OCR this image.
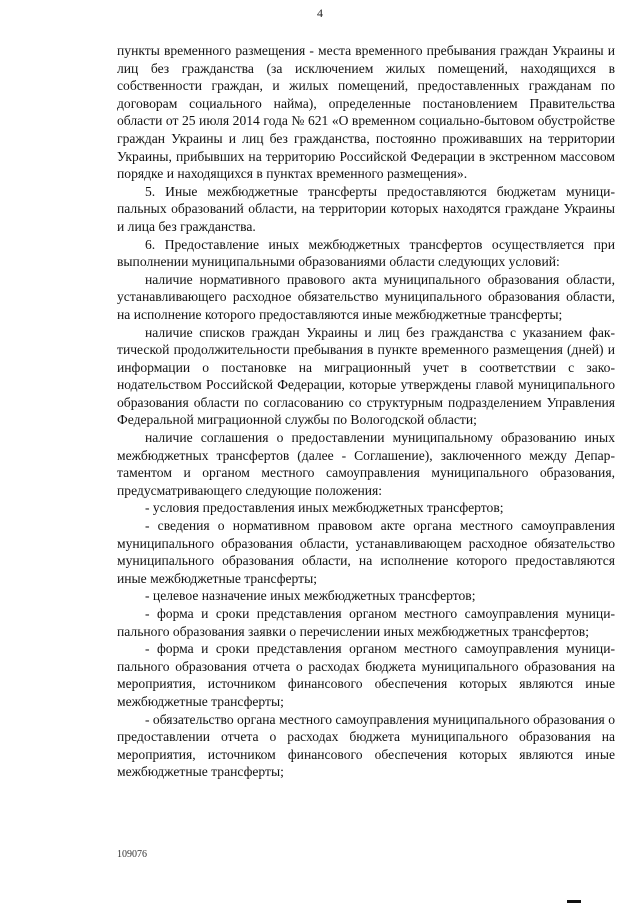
4

пункты временного размещения - места временного пребывания граждан Украины и лиц без гражданства (за исключением жилых помещений, находящихся в собственности граждан, и жилых помещений, предоставленных гражданам по договорам социального найма), определенные постановлением Правительства области от 25 июля 2014 года № 621 «О временном социально-бытовом обустройстве граждан Украины и лиц без гражданства, постоянно проживавших на территории Украины, прибывших на территорию Российской Федерации в экстренном массовом порядке и находящихся в пунктах временного размещения».

5. Иные межбюджетные трансферты предоставляются бюджетам муниципальных образований области, на территории которых находятся граждане Украины и лица без гражданства.

6. Предоставление иных межбюджетных трансфертов осуществляется при выполнении муниципальными образованиями области следующих условий:

наличие нормативного правового акта муниципального образования области, устанавливающего расходное обязательство муниципального образования области, на исполнение которого предоставляются иные межбюджетные трансферты;

наличие списков граждан Украины и лиц без гражданства с указанием фактической продолжительности пребывания в пункте временного размещения (дней) и информации о постановке на миграционный учет в соответствии с законодательством Российской Федерации, которые утверждены главой муниципального образования области по согласованию со структурным подразделением Управления Федеральной миграционной службы по Вологодской области;

наличие соглашения о предоставлении муниципальному образованию иных межбюджетных трансфертов (далее - Соглашение), заключенного между Департаментом и органом местного самоуправления муниципального образования, предусматривающего следующие положения:

- условия предоставления иных межбюджетных трансфертов;

- сведения о нормативном правовом акте органа местного самоуправления муниципального образования области, устанавливающем расходное обязательство муниципального образования области, на исполнение которого предоставляются иные межбюджетные трансферты;

- целевое назначение иных межбюджетных трансфертов;

- форма и сроки представления органом местного самоуправления муниципального образования заявки о перечислении иных межбюджетных трансфертов;

- форма и сроки представления органом местного самоуправления муниципального образования отчета о расходах бюджета муниципального образования на мероприятия, источником финансового обеспечения которых являются иные межбюджетные трансферты;

- обязательство органа местного самоуправления муниципального образования о предоставлении отчета о расходах бюджета муниципального образования на мероприятия, источником финансового обеспечения которых являются иные межбюджетные трансферты;

109076
